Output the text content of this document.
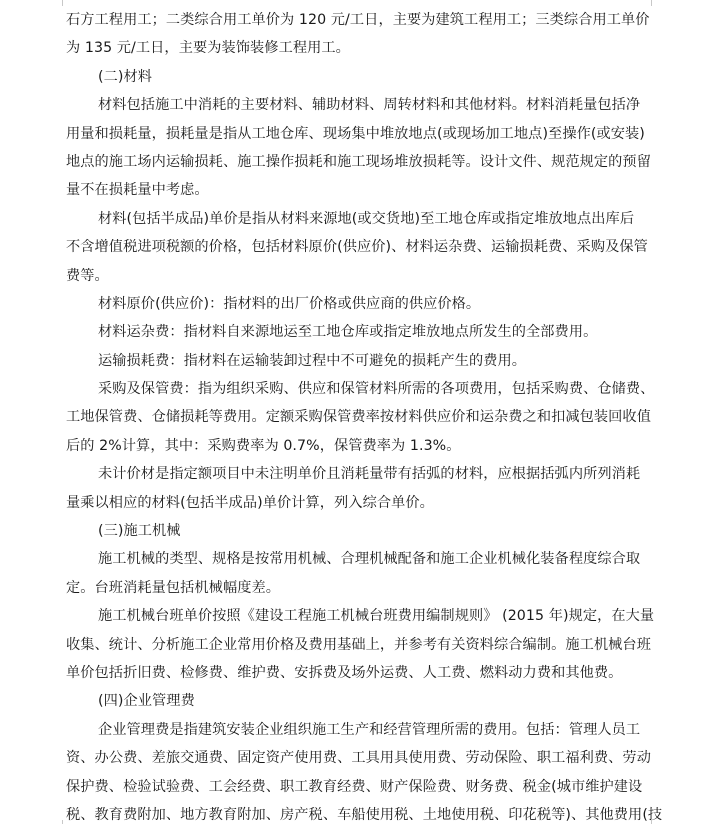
石方工程用工；二类综合用工单价为 120 元/工日，主要为建筑工程用工；三类综合用工单价
为 135 元/工日，主要为装饰装修工程用工。
(二)材料
材料包括施工中消耗的主要材料、辅助材料、周转材料和其他材料。材料消耗量包括净
用量和损耗量，损耗量是指从工地仓库、现场集中堆放地点(或现场加工地点)至操作(或安装)
地点的施工场内运输损耗、施工操作损耗和施工现场堆放损耗等。设计文件、规范规定的预留
量不在损耗量中考虑。
材料(包括半成品)单价是指从材料来源地(或交货地)至工地仓库或指定堆放地点出库后
不含增值税进项税额的价格，包括材料原价(供应价)、材料运杂费、运输损耗费、采购及保管
费等。
材料原价(供应价)：指材料的出厂价格或供应商的供应价格。
材料运杂费：指材料自来源地运至工地仓库或指定堆放地点所发生的全部费用。
运输损耗费：指材料在运输装卸过程中不可避免的损耗产生的费用。
采购及保管费：指为组织采购、供应和保管材料所需的各项费用，包括采购费、仓储费、
工地保管费、仓储损耗等费用。定额采购保管费率按材料供应价和运杂费之和扣减包装回收值
后的 2%计算，其中：采购费率为 0.7%，保管费率为 1.3%。
未计价材是指定额项目中未注明单价且消耗量带有括弧的材料，应根据括弧内所列消耗
量乘以相应的材料(包括半成品)单价计算，列入综合单价。
(三)施工机械
施工机械的类型、规格是按常用机械、合理机械配备和施工企业机械化装备程度综合取
定。台班消耗量包括机械幅度差。
施工机械台班单价按照《建设工程施工机械台班费用编制规则》 (2015 年)规定，在大量
收集、统计、分析施工企业常用价格及费用基础上，并参考有关资料综合编制。施工机械台班
单价包括折旧费、检修费、维护费、安拆费及场外运费、人工费、燃料动力费和其他费。
(四)企业管理费
企业管理费是指建筑安装企业组织施工生产和经营管理所需的费用。包括：管理人员工
资、办公费、差旅交通费、固定资产使用费、工具用具使用费、劳动保险、职工福利费、劳动
保护费、检验试验费、工会经费、职工教育经费、财产保险费、财务费、税金(城市维护建设
税、教育费附加、地方教育附加、房产税、车船使用税、土地使用税、印花税等)、其他费用(技
